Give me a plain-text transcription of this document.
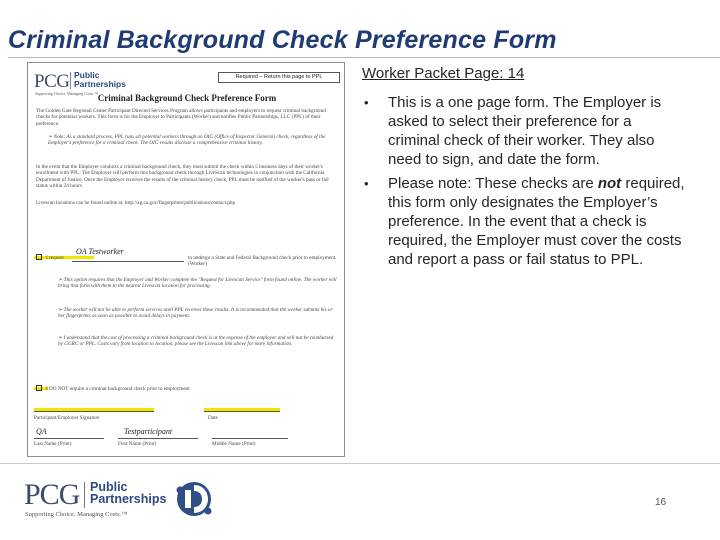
Criminal Background Check Preference Form
PCG Public
Partnerships
Supporting Choice. Managing Costs.™
Required – Return this page to PPL
Criminal Background Check Preference Form
The Golden Gate Regional Center Participant Directed Services Program allows participants and employers to request criminal background checks for potential workers. This form is for the Employer to Participants (Worker) and notifies Public Partnerships, LLC (PPL) of their preference.
➢ Note: As a standard process, PPL runs all potential workers through an OIG (Office of Inspector General) check, regardless of the Employer's preference for a criminal check. The OIG results disclose a comprehensive criminal history.
In the event that the Employer conducts a criminal background check, they must submit the check within 5 business days of their worker's enrollment with PPL. The Employer will perform this background check through LiveScan technologies in conjunction with the California Department of Justice. Once the Employer receives the results of the criminal history check, PPL must be notified of the worker's pass or fail status within 24 hours.
Livescan locations can be found online at: http://ag.ca.gov/fingerprints/publications/contact.php
I require
OA Testworker
to undergo a State and Federal Background check prior to employment. (Worker)
➢ This option requires that the Employer and Worker complete the "Request for Livescan Service" form found online. The worker will bring that form with them to the nearest Livescan location for processing.
➢ The worker will not be able to perform services until PPL receives these results. It is recommended that the worker submits his or her fingerprints as soon as possible to avoid delays in payment.
➢ I understand that the cost of processing a criminal background check is at the expense of the employer and will not be reimbursed by GGRC or PPL. Costs vary from location to location, please see the Livescan link above for more information.
I DO NOT require a criminal background check prior to employment
Participant/Employer Signature	Date
QA	Testparticipant
Last Name (Print)	First Name (Print)	Middle Name (Print)
Worker Packet Page: 14
• This is a one page form. The Employer is asked to select their preference for a criminal check of their worker. They also need to sign, and date the form.
• Please note: These checks are not required, this form only designates the Employer’s preference. In the event that a check is required, the Employer must cover the costs and report a pass or fail status to PPL.
PCG Public
Partnerships
Supporting Choice. Managing Costs.™
16
